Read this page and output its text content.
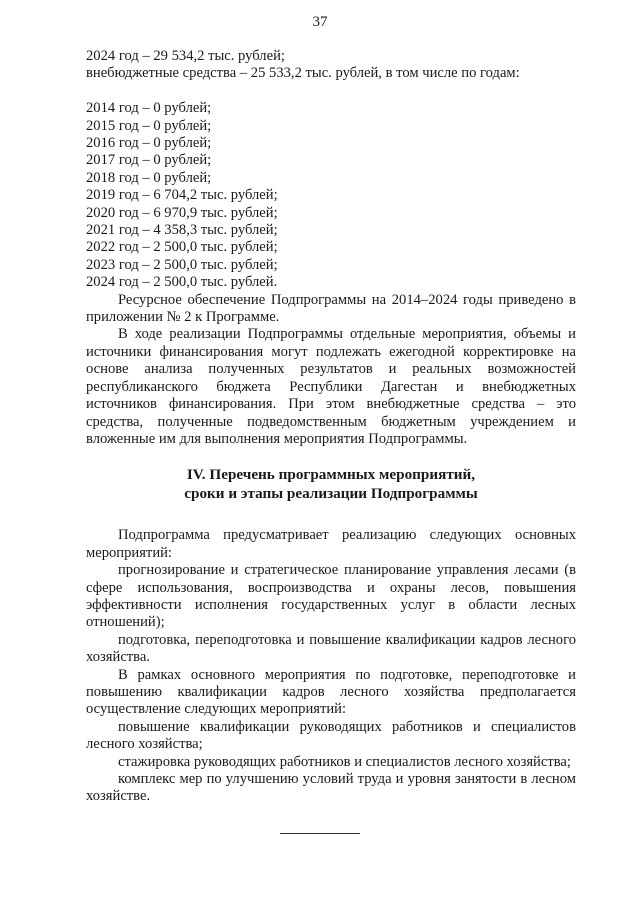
37
2024 год – 29 534,2 тыс. рублей;
внебюджетные средства – 25 533,2 тыс. рублей, в том числе по годам:
2014 год – 0 рублей;
2015 год – 0 рублей;
2016 год – 0 рублей;
2017 год – 0 рублей;
2018 год – 0 рублей;
2019 год – 6 704,2 тыс. рублей;
2020 год – 6 970,9 тыс. рублей;
2021 год – 4 358,3 тыс. рублей;
2022 год – 2 500,0 тыс. рублей;
2023 год – 2 500,0 тыс. рублей;
2024 год – 2 500,0 тыс. рублей.

Ресурсное обеспечение Подпрограммы на 2014–2024 годы приведено в приложении № 2 к Программе.

В ходе реализации Подпрограммы отдельные мероприятия, объемы и источники финансирования могут подлежать ежегодной корректировке на основе анализа полученных результатов и реальных возможностей республиканского бюджета Республики Дагестан и внебюджетных источников финансирования. При этом внебюджетные средства – это средства, полученные подведомственным бюджетным учреждением и вложенные им для выполнения мероприятия Подпрограммы.

IV. Перечень программных мероприятий,
сроки и этапы реализации Подпрограммы

Подпрограмма предусматривает реализацию следующих основных мероприятий:

прогнозирование и стратегическое планирование управления лесами (в сфере использования, воспроизводства и охраны лесов, повышения эффективности исполнения государственных услуг в области лесных отношений);

подготовка, переподготовка и повышение квалификации кадров лесного хозяйства.

В рамках основного мероприятия по подготовке, переподготовке и повышению квалификации кадров лесного хозяйства предполагается осуществление следующих мероприятий:

повышение квалификации руководящих работников и специалистов лесного хозяйства;

стажировка руководящих работников и специалистов лесного хозяйства;

комплекс мер по улучшению условий труда и уровня занятости в лесном хозяйстве.
